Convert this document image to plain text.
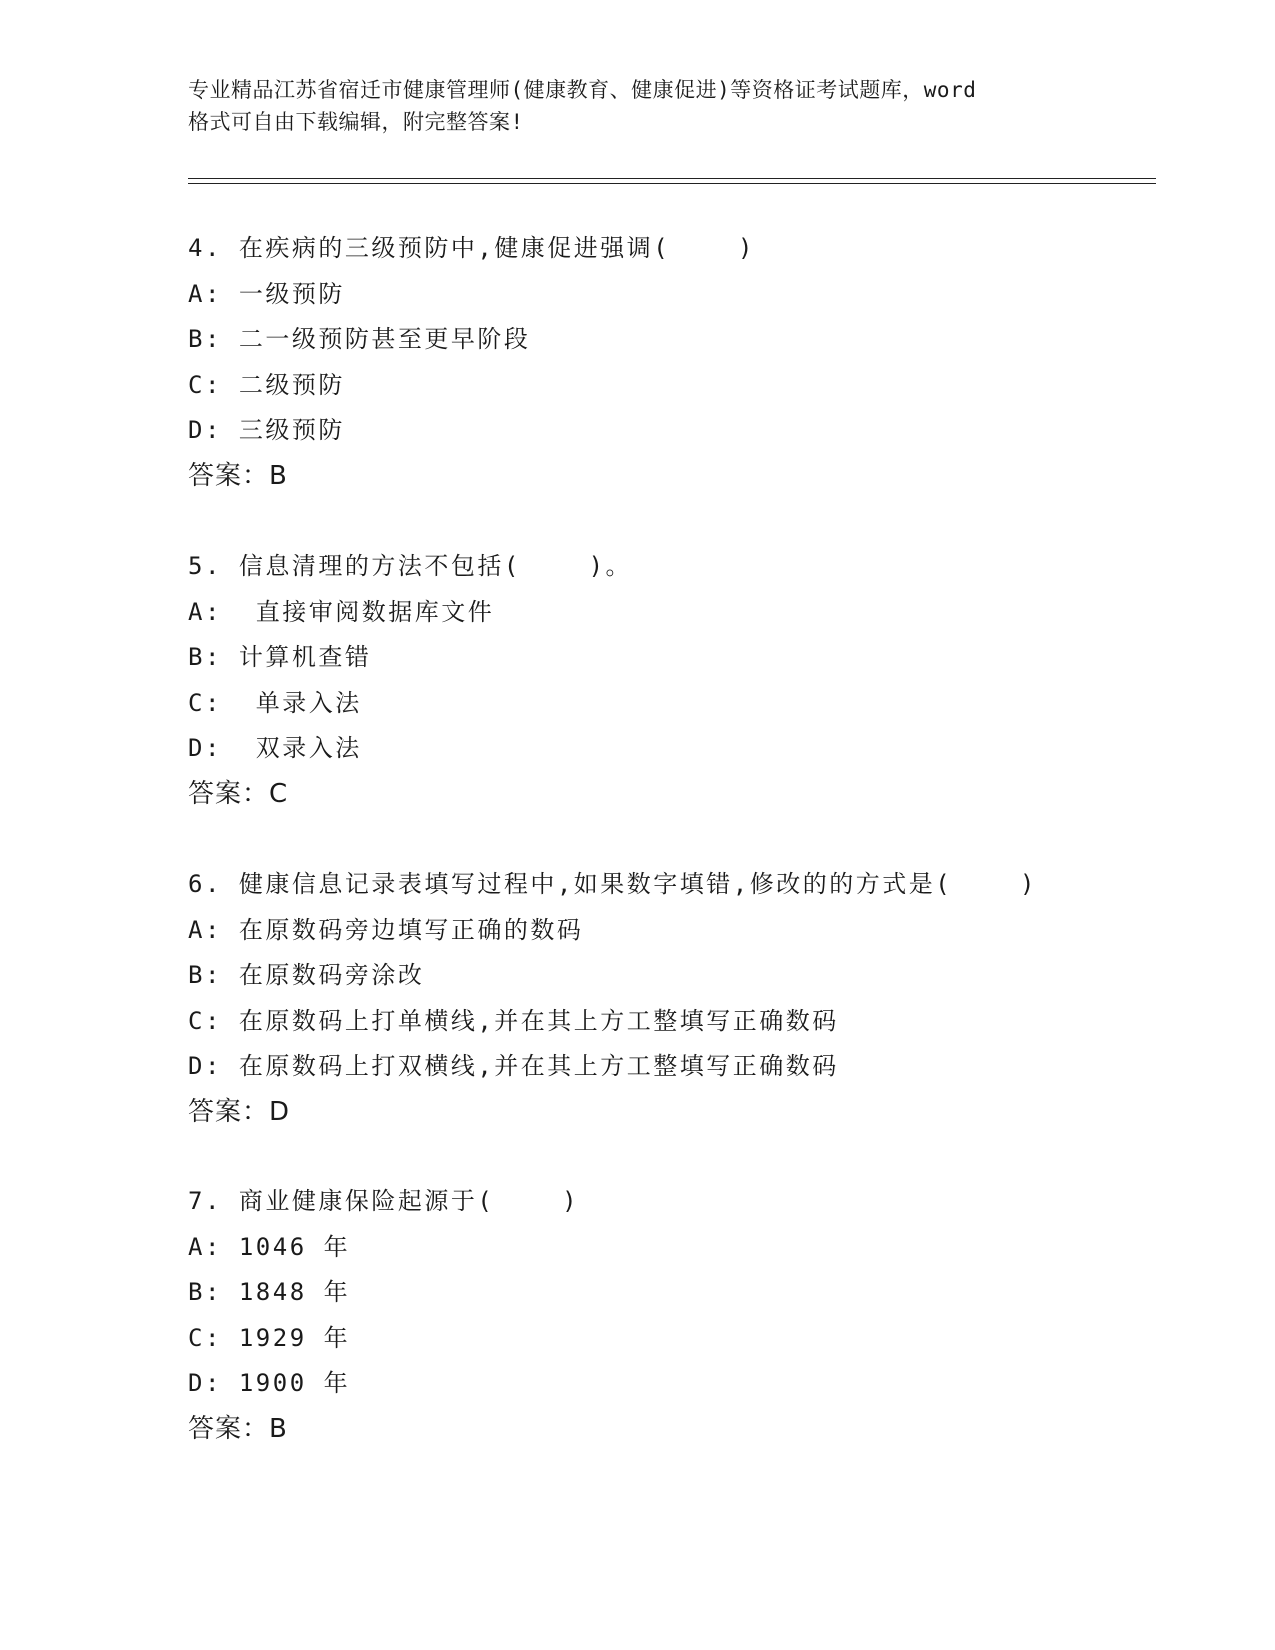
专业精品江苏省宿迁市健康管理师(健康教育、健康促进)等资格证考试题库，word
格式可自由下载编辑，附完整答案!
4. 在疾病的三级预防中,健康促进强调(    )
A: 一级预防
B: 二一级预防甚至更早阶段
C: 二级预防
D: 三级预防
答案：B
5. 信息清理的方法不包括(    )。
A:  直接审阅数据库文件
B: 计算机查错
C:  单录入法
D:  双录入法
答案：C
6. 健康信息记录表填写过程中,如果数字填错,修改的的方式是(    )
A: 在原数码旁边填写正确的数码
B: 在原数码旁涂改
C: 在原数码上打单横线,并在其上方工整填写正确数码
D: 在原数码上打双横线,并在其上方工整填写正确数码
答案：D
7. 商业健康保险起源于(    )
A: 1046 年
B: 1848 年
C: 1929 年
D: 1900 年
答案：B
